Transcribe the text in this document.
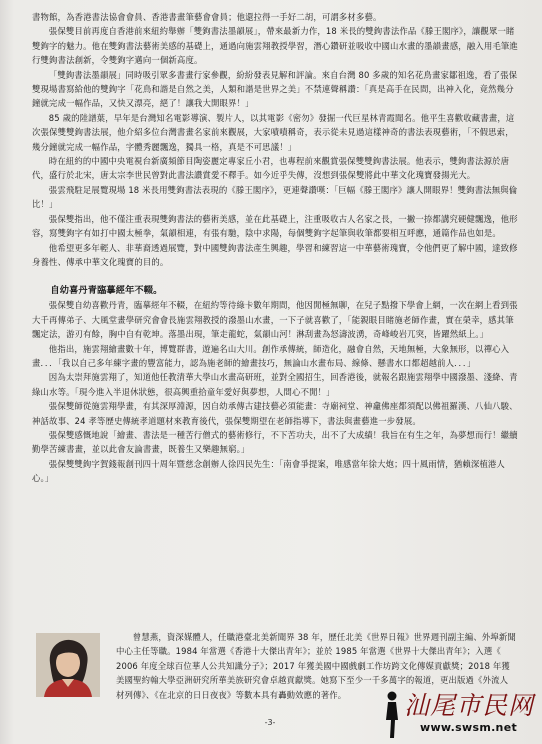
書物館，為香港書法協會會員、香港書畫筆藝會會員；他還拉得一手好二胡，可謂多材多藝。

張保雙目前再度自香港前來紐約舉辦「雙鉤書法墨韻展」，帶來最新力作，18 米長的雙鉤書法作品《滕王閣序》，讓觀眾一睹雙鉤字的魅力。他在雙鉤書法藝術美感的基礎上，通過向施雲翔教授學習，潛心鑽研並吸收中國山水畫的墨韻畫感，融入用毛筆進行雙鉤書法創新，令雙鉤字邁向一個新高度。

「雙鉤書法墨韻展」同時吸引眾多書畫行家參觀，紛紛發表見解和評論。來自台灣 80 多歲的知名花鳥畫家鄒祖逸，看了張保雙現場書寫給他的雙鉤字「花鳥和諧是自然之美，人類和諧是世界之美」不禁連聲稱讚：「真是高手在民間，出神入化，竟然幾分鐘就完成一幅作品，又快又漂亮，絕了！讓我大開眼界！」

85 歲的陸譜葉，早年是台灣知名電影導演、製片人，以其電影《密勿》發掘一代巨星林青霞聞名。他平生喜歡收藏書畫，這次張保雙雙鉤書法展，他介紹多位台灣書畫名家前來觀展，大家嘖嘖稱奇，表示從未見過這樣神奇的書法表現藝術，「不假思索，幾分鐘就完成一幅作品，字體秀麗飄逸，獨具一格，真是不可思議！」

時在紐約的中國中央電視台新廣頻節目陶姿麗定專家丘小君，也專程前來觀賞張保雙雙鉤書法展。他表示，雙鉤書法源於唐代，盛行於北宋，唐太宗李世民曾對此書法讚賞愛不釋手。如今近乎失傳，沒想到張保雙將此中華文化瑰寶發揚光大。

張雲飛駐足展覽現場 18 米長用雙鉤書法表現的《滕王閣序》，更連聲讚嘆：「巨幅《滕王閣序》讓人開眼界！雙鉤書法無與倫比！」

張保雙指出，他不僅注重表現雙鉤書法的藝術美感，並在此基礎上，注重吸收古人名家之長，一撇一捺都講究硬健飄逸，他形容，寫雙鉤字有如打中國太極拳，氣韻相連，有張有馳，陰中求陽，每個雙鉤字起筆與收筆都要相互呼應，通篇作品也如是。

他希望更多年輕人、非華裔透過展覽，對中國雙鉤書法產生興趣，學習和練習這一中華藝術瑰寶，令他們更了解中國，達致修身養性、傳承中華文化瑰寶的目的。

自幼喜丹青臨摹經年不輟。

張保雙自幼喜歡丹青，臨摹經年不輟，在紐約等待綠卡數年期間，他因閒極無聊，在兒子點撥下學會上網，一次在網上看到張大千再傳弟子、大風堂畫學研究會會長施雲翔教授的潑墨山水畫，一下子就喜歡了，「能親眼目睹施老師作畫，實在榮幸，感其筆飄定法，游刃有餘，胸中自有乾坤。落墨出現，筆走龍蛇，氣韻山河！淋刮畫為怒濤波湧，奇峰峻岩兀突，皆躍然紙上。」

他指出，施雲翔繪畫數十年，博覽群書，遊遍名山大川。創作承傳統，師造化，融會自然，天地無極，大象無形，以禪心入畫．．．「我以自己多年練字畫的豐富能力，認為施老師的繪畫技巧，無論山水畫布局、線條、懸書水口都超越前人．．．」

因為太崇拜施雲翔了，知道他任教清華大學山水畫高研班，並對全國招生，回香港後，就報名跟施雲翔學中國潑墨、淺絳、青綠山水等。「現今進入半退休狀態，很高興重拾童年愛好與夢想，人間心不閒！」

張保雙師從施雲翔學畫，有其深厚淵源，因自幼承傳古建技藝必須能畫：寺廟祠堂、神龕佛座都須配以佛祖羅漢、八仙八駿、神話故事、24 孝等歷史傳統孝道題材來教育後代，張保雙期望在老師指導下，書法與畫藝進一步發展。

張保雙感慨地說「繪畫、書法是一種苦行僧式的藝術修行，不下苦功夫，出不了大成績！我旨在有生之年，為夢想而行！繼續勤學苦練書畫，並以此會友論書畫，既養生又樂趣無窮。」

張保雙雙鉤字賀錢報創刊四十周年暨慈念創辦人徐四民先生：「南會爭提案，唯感當年徐大炮；四十風雨情，猶賴深植港人心。」

曾慧燕，資深媒體人，任職港臺北美新聞界 38 年，歷任北美《世界日報》世界週刊副主編、外埠新聞中心主任等職。1984 年當選《香港十大傑出青年》；並於 1985 年當選《世界十大傑出青年》；入選《 2006 年度全球百位華人公共知識分子》；2017 年獲美國中國戲劇工作坊跨文化傳媒貢獻獎；2018 年獲美國聖約翰大學亞洲研究所華美族研究會卓越貢獻獎。她寫下至少一千多萬字的報道，更出版過《外流人材列傳》、《在北京的日日夜夜》等數本具有轟動效應的著作。

-3-
汕尾市民网
www.swsm.net
